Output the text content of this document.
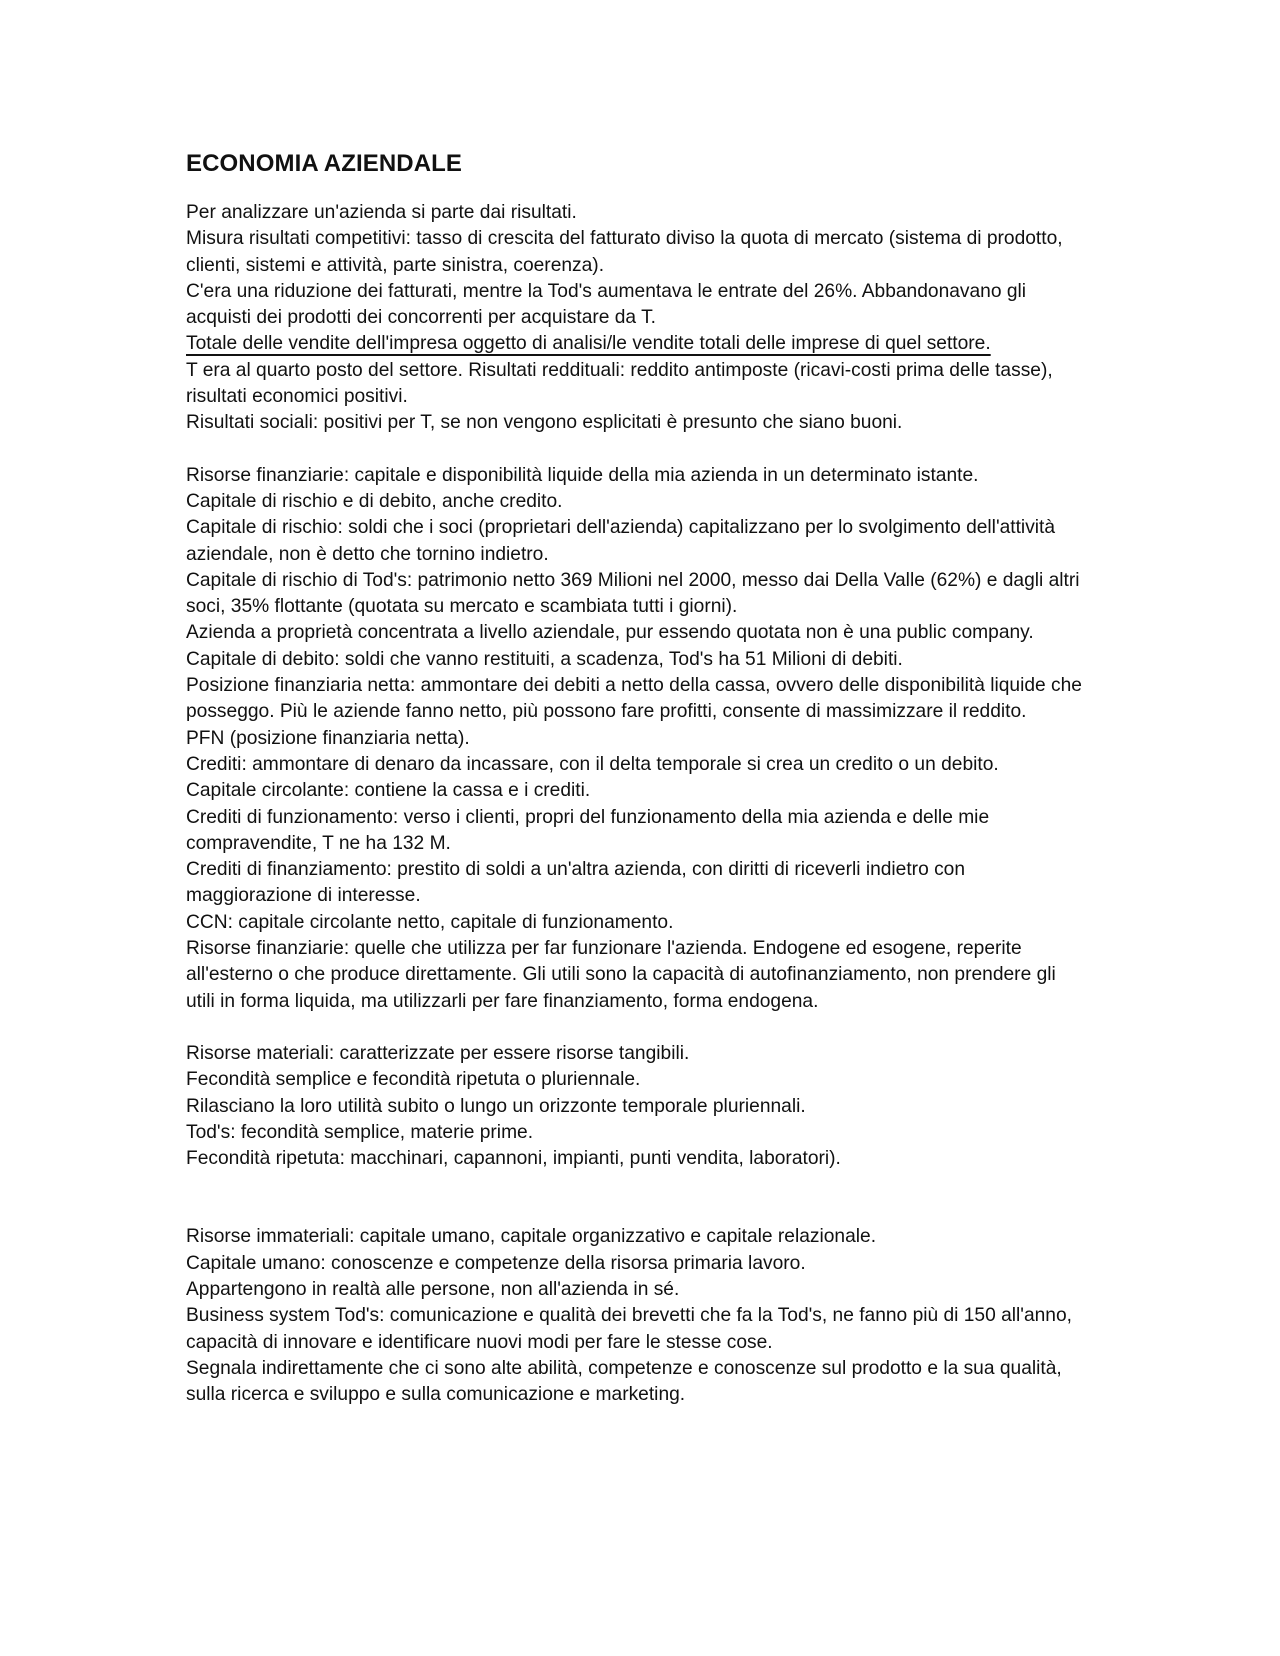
ECONOMIA AZIENDALE

Per analizzare un'azienda si parte dai risultati.

Misura risultati competitivi: tasso di crescita del fatturato diviso la quota di mercato (sistema di prodotto, clienti, sistemi e attività, parte sinistra, coerenza).

C'era una riduzione dei fatturati, mentre la Tod's aumentava le entrate del 26%. Abbandonavano gli acquisti dei prodotti dei concorrenti per acquistare da T.

Totale delle vendite dell'impresa oggetto di analisi/le vendite totali delle imprese di quel settore.

T era al quarto posto del settore. Risultati reddituali: reddito antimposte (ricavi-costi prima delle tasse), risultati economici positivi.

Risultati sociali: positivi per T, se non vengono esplicitati è presunto che siano buoni.

Risorse finanziarie: capitale e disponibilità liquide della mia azienda in un determinato istante.

Capitale di rischio e di debito, anche credito.

Capitale di rischio: soldi che i soci (proprietari dell'azienda) capitalizzano per lo svolgimento dell'attività aziendale, non è detto che tornino indietro.

Capitale di rischio di Tod's: patrimonio netto 369 Milioni nel 2000, messo dai Della Valle (62%) e dagli altri soci, 35% flottante (quotata su mercato e scambiata tutti i giorni).

Azienda a proprietà concentrata a livello aziendale, pur essendo quotata non è una public company.

Capitale di debito: soldi che vanno restituiti, a scadenza, Tod's ha 51 Milioni di debiti.

Posizione finanziaria netta: ammontare dei debiti a netto della cassa, ovvero delle disponibilità liquide che posseggo. Più le aziende fanno netto, più possono fare profitti, consente di massimizzare il reddito.

PFN (posizione finanziaria netta).

Crediti: ammontare di denaro da incassare, con il delta temporale si crea un credito o un debito.

Capitale circolante: contiene la cassa e i crediti.

Crediti di funzionamento: verso i clienti, propri del funzionamento della mia azienda e delle mie compravendite, T ne ha 132 M.

Crediti di finanziamento: prestito di soldi a un'altra azienda, con diritti di riceverli indietro con maggiorazione di interesse.

CCN: capitale circolante netto, capitale di funzionamento.

Risorse finanziarie: quelle che utilizza per far funzionare l'azienda. Endogene ed esogene, reperite all'esterno o che produce direttamente. Gli utili sono la capacità di autofinanziamento, non prendere gli utili in forma liquida, ma utilizzarli per fare finanziamento, forma endogena.

Risorse materiali: caratterizzate per essere risorse tangibili.

Fecondità semplice e fecondità ripetuta o pluriennale.

Rilasciano la loro utilità subito o lungo un orizzonte temporale pluriennali.

Tod's: fecondità semplice, materie prime.

Fecondità ripetuta: macchinari, capannoni, impianti, punti vendita, laboratori).

Risorse immateriali: capitale umano, capitale organizzativo e capitale relazionale.

Capitale umano: conoscenze e competenze della risorsa primaria lavoro.

Appartengono in realtà alle persone, non all'azienda in sé.

Business system Tod's: comunicazione e qualità dei brevetti che fa la Tod's, ne fanno più di 150 all'anno, capacità di innovare e identificare nuovi modi per fare le stesse cose.

Segnala indirettamente che ci sono alte abilità, competenze e conoscenze sul prodotto e la sua qualità, sulla ricerca e sviluppo e sulla comunicazione e marketing.
